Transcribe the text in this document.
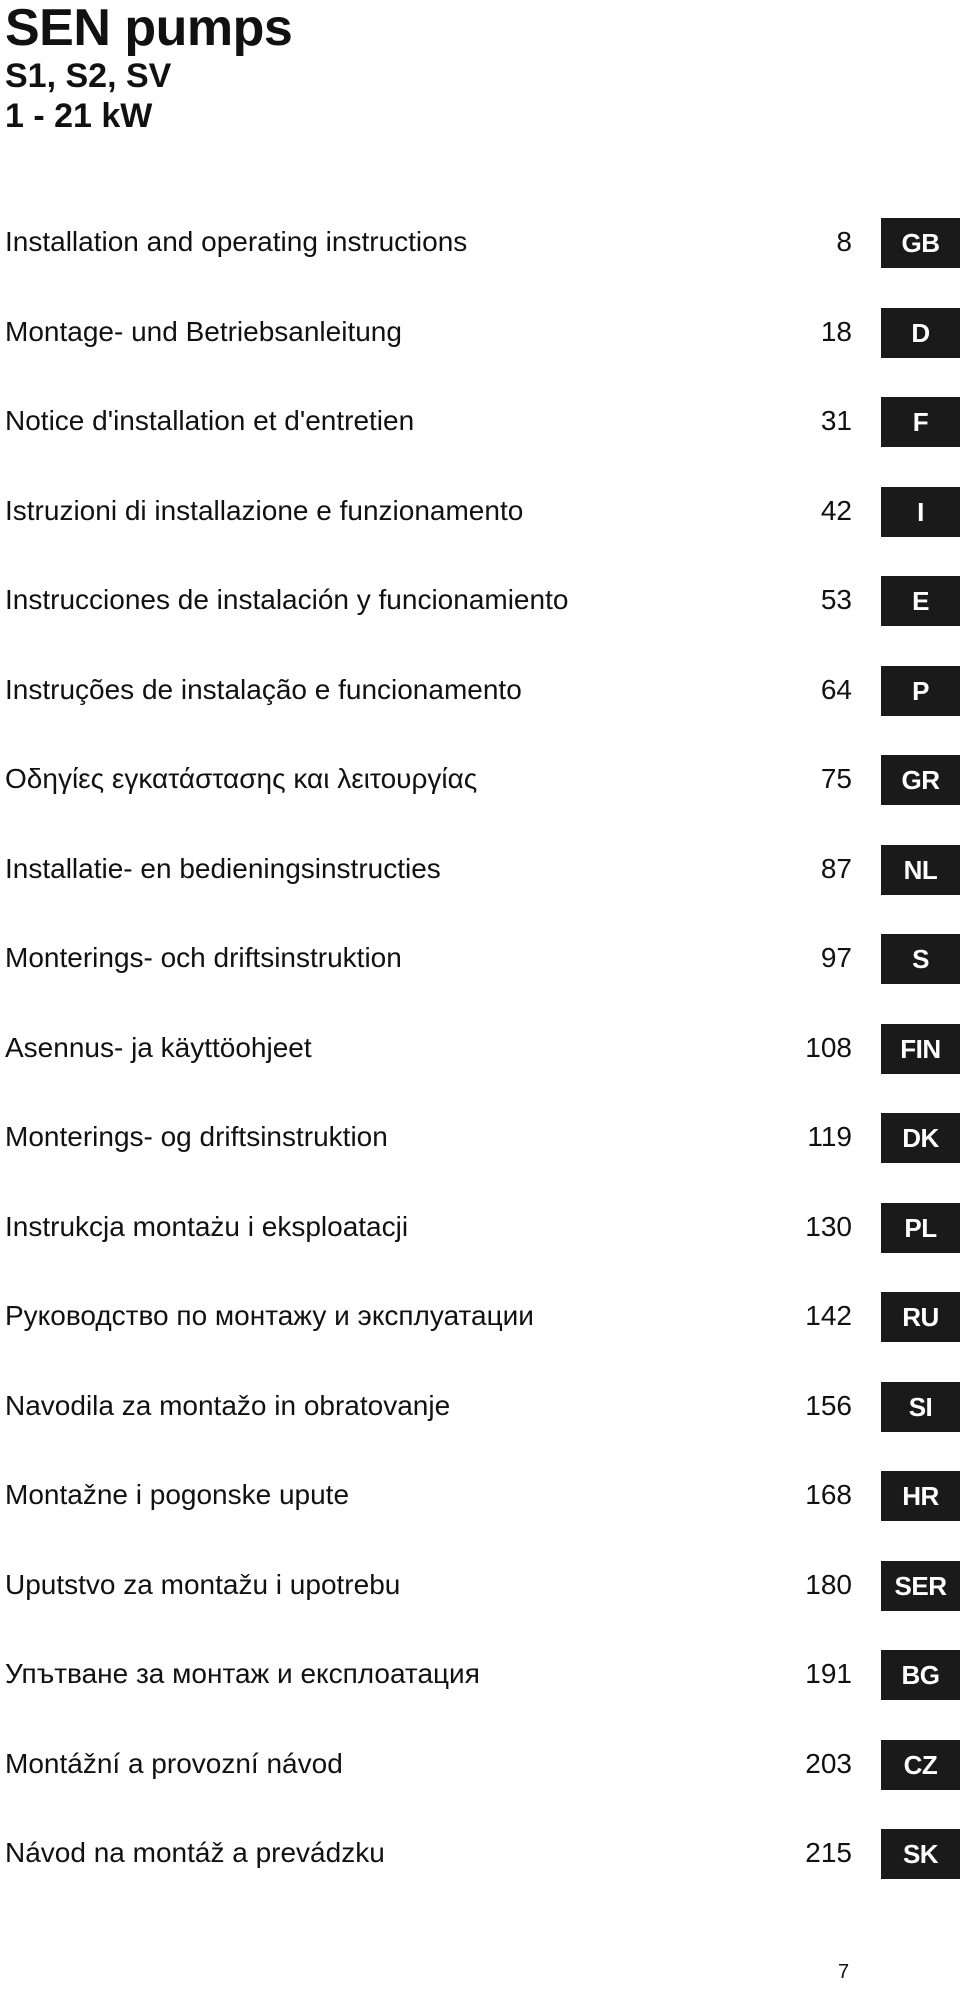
SEN pumps

S1, S2, SV

1 - 21 kW

Installation and operating instructions	8	GB
Montage- und Betriebsanleitung	18	D
Notice d'installation et d'entretien	31	F
Istruzioni di installazione e funzionamento	42	I
Instrucciones de instalación y funcionamiento	53	E
Instruções de instalação e funcionamento	64	P
Οδηγίες εγκατάστασης και λειτουργίας	75	GR
Installatie- en bedieningsinstructies	87	NL
Monterings- och driftsinstruktion	97	S
Asennus- ja käyttöohjeet	108	FIN
Monterings- og driftsinstruktion	119	DK
Instrukcja montażu i eksploatacji	130	PL
Руководство по монтажу и эксплуатации	142	RU
Navodila za montažo in obratovanje	156	SI
Montažne i pogonske upute	168	HR
Uputstvo za montažu i upotrebu	180	SER
Упътване за монтаж и експлоатация	191	BG
Montážní a provozní návod	203	CZ
Návod na montáž a prevádzku	215	SK
7
